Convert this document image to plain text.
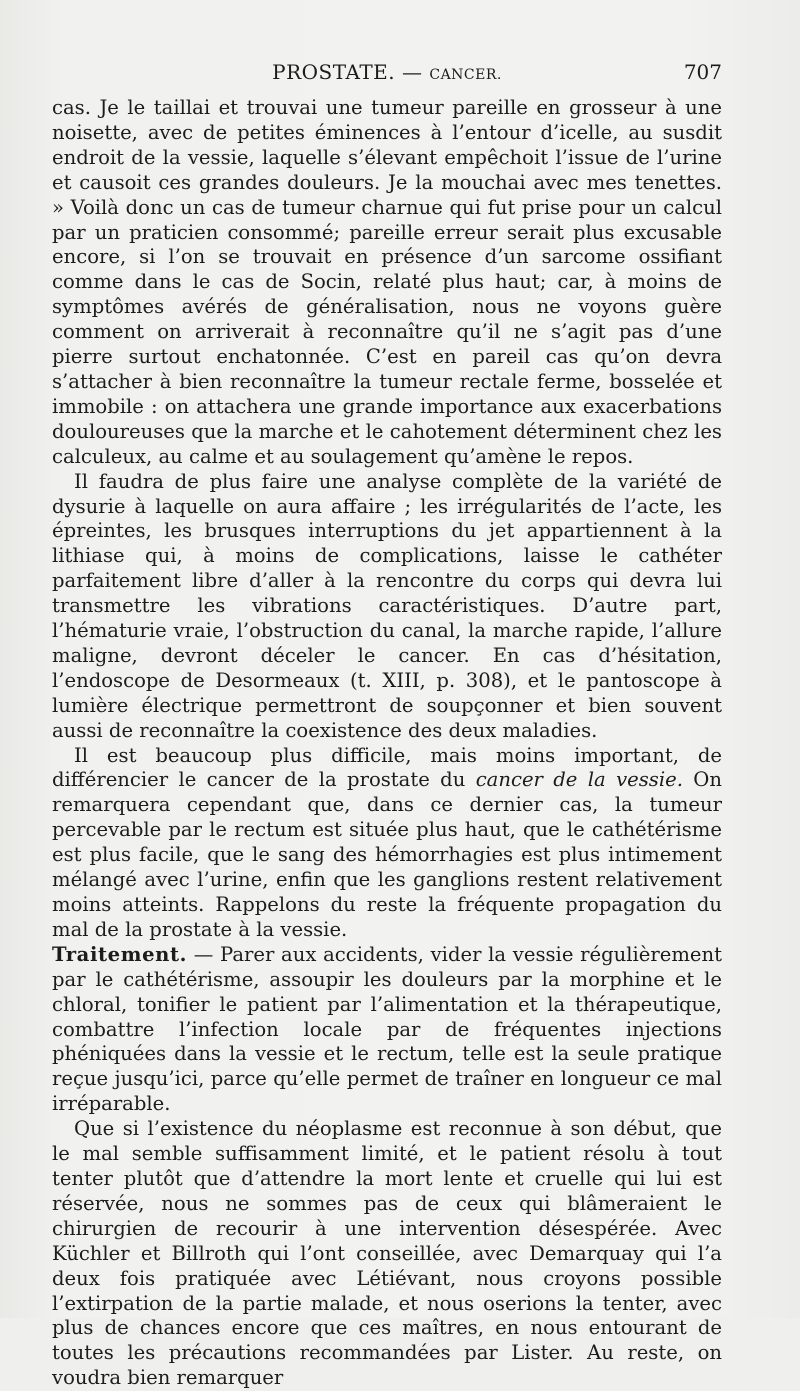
PROSTATE. — CANCER.	707

cas. Je le taillai et trouvai une tumeur pareille en grosseur à une noisette, avec de petites éminences à l’entour d’icelle, au susdit endroit de la vessie, laquelle s’élevant empêchoit l’issue de l’urine et causoit ces grandes douleurs. Je la mouchai avec mes tenettes. » Voilà donc un cas de tumeur charnue qui fut prise pour un calcul par un praticien consommé; pareille erreur serait plus excusable encore, si l’on se trouvait en présence d’un sarcome ossifiant comme dans le cas de Socin, relaté plus haut; car, à moins de symptômes avérés de généralisation, nous ne voyons guère comment on arriverait à reconnaître qu’il ne s’agit pas d’une pierre surtout enchatonnée. C’est en pareil cas qu’on devra s’attacher à bien reconnaître la tumeur rectale ferme, bosselée et immobile : on attachera une grande importance aux exacerbations douloureuses que la marche et le cahotement déterminent chez les calculeux, au calme et au soulagement qu’amène le repos.

Il faudra de plus faire une analyse complète de la variété de dysurie à laquelle on aura affaire ; les irrégularités de l’acte, les épreintes, les brusques interruptions du jet appartiennent à la lithiase qui, à moins de complications, laisse le cathéter parfaitement libre d’aller à la rencontre du corps qui devra lui transmettre les vibrations caractéristiques. D’autre part, l’hématurie vraie, l’obstruction du canal, la marche rapide, l’allure maligne, devront déceler le cancer. En cas d’hésitation, l’endoscope de Desormeaux (t. XIII, p. 308), et le pantoscope à lumière électrique permettront de soupçonner et bien souvent aussi de reconnaître la coexistence des deux maladies.

Il est beaucoup plus difficile, mais moins important, de différencier le cancer de la prostate du cancer de la vessie. On remarquera cependant que, dans ce dernier cas, la tumeur percevable par le rectum est située plus haut, que le cathétérisme est plus facile, que le sang des hémorrhagies est plus intimement mélangé avec l’urine, enfin que les ganglions restent relativement moins atteints. Rappelons du reste la fréquente propagation du mal de la prostate à la vessie.

Traitement. — Parer aux accidents, vider la vessie régulièrement par le cathétérisme, assoupir les douleurs par la morphine et le chloral, tonifier le patient par l’alimentation et la thérapeutique, combattre l’infection locale par de fréquentes injections phéniquées dans la vessie et le rectum, telle est la seule pratique reçue jusqu’ici, parce qu’elle permet de traîner en longueur ce mal irréparable.

Que si l’existence du néoplasme est reconnue à son début, que le mal semble suffisamment limité, et le patient résolu à tout tenter plutôt que d’attendre la mort lente et cruelle qui lui est réservée, nous ne sommes pas de ceux qui blâmeraient le chirurgien de recourir à une intervention désespérée. Avec Küchler et Billroth qui l’ont conseillée, avec Demarquay qui l’a deux fois pratiquée avec Létiévant, nous croyons possible l’extirpation de la partie malade, et nous oserions la tenter, avec plus de chances encore que ces maîtres, en nous entourant de toutes les précautions recommandées par Lister. Au reste, on voudra bien remarquer
